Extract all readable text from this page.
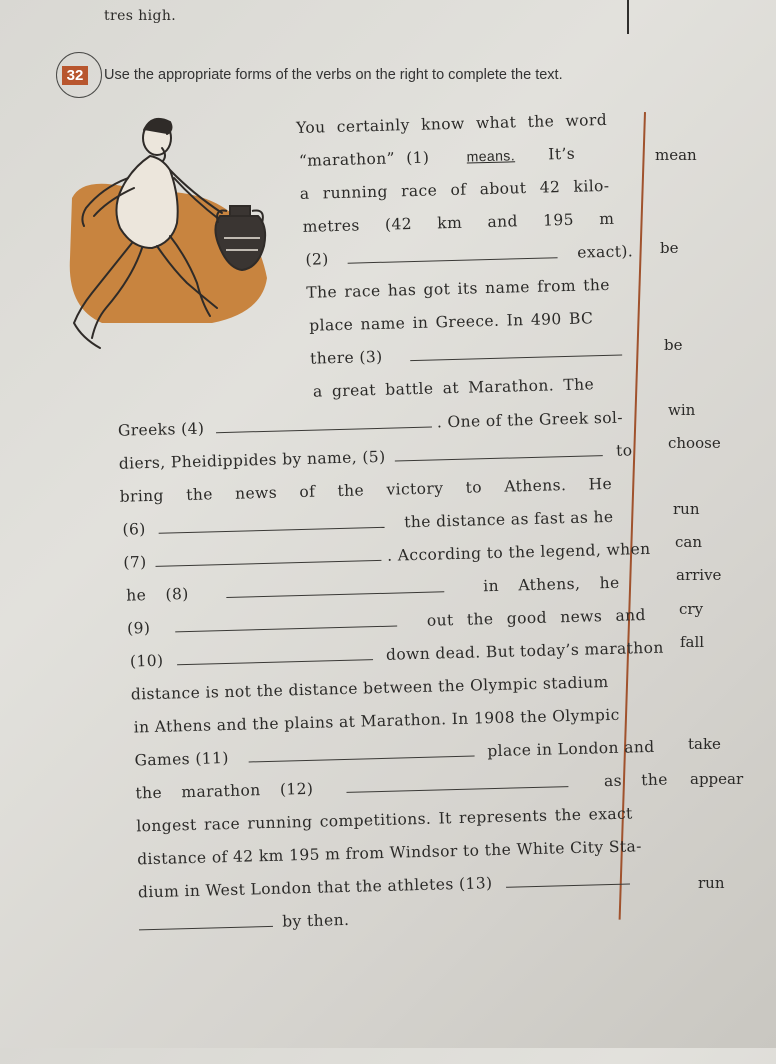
tres high.
32	Use the appropriate forms of the verbs on the right to complete the text.
You certainly know what the word
“marathon” (1)	means. It’s
a running race of about 42 kilo-
metres (42 km and 195 m
(2)	exact).
The race has got its name from the
place name in Greece. In 490 BC
there (3)
a great battle at Marathon. The
Greeks (4)	. One of the Greek sol-
diers, Pheidippides by name, (5)	to
bring the news of the victory to Athens. He
(6)	the distance as fast as he
(7)	. According to the legend, when
he (8)	in Athens, he
(9)	out the good news and
(10)	down dead. But today’s marathon
distance is not the distance between the Olympic stadium
in Athens and the plains at Marathon. In 1908 the Olympic
Games (11)	place in London and
the marathon (12)	as the
longest race running competitions. It represents the exact
distance of 42 km 195 m from Windsor to the White City Sta-
dium in West London that the athletes (13)
by then.
mean
be
be
win
choose
run
can
arrive
cry
fall
take
appear
run
